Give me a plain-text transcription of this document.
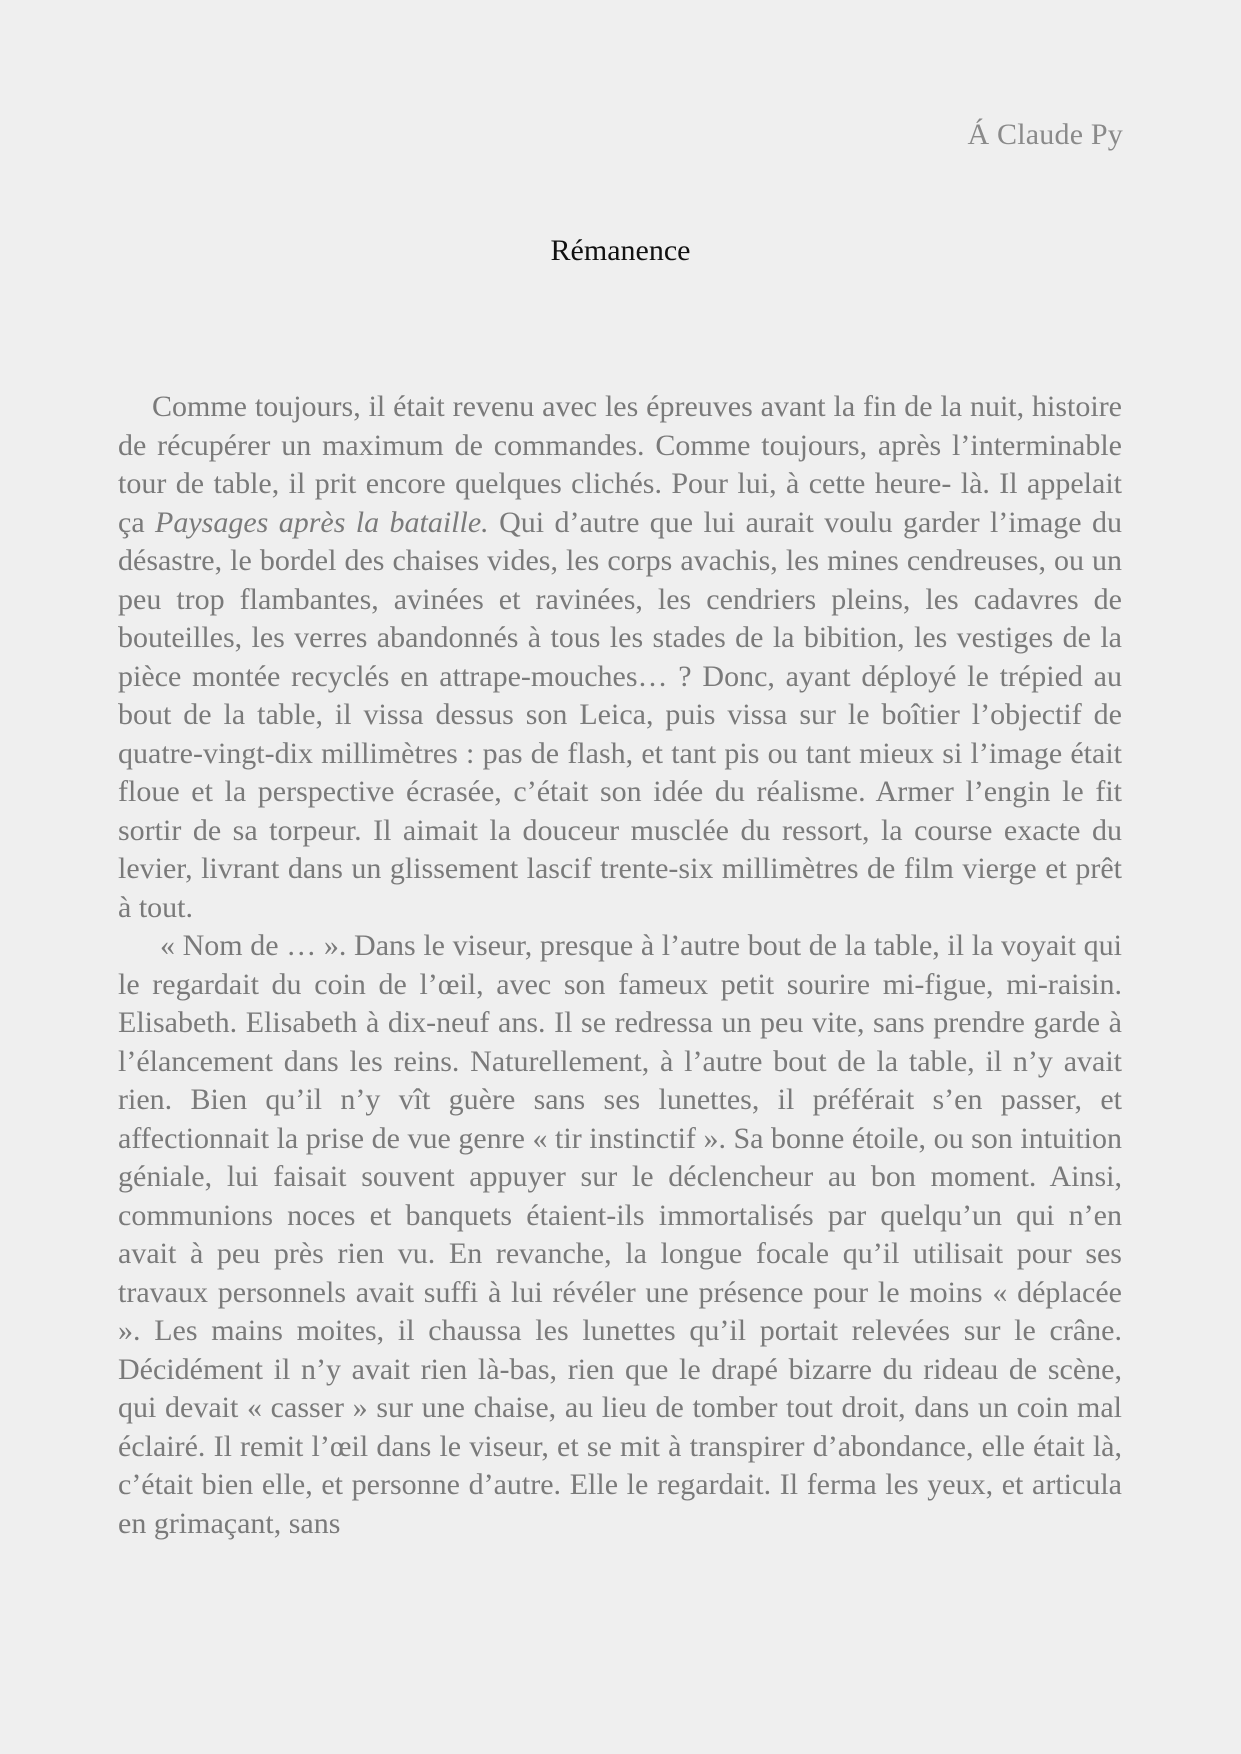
Á Claude Py
Rémanence

Comme toujours, il était revenu avec les épreuves avant la fin de la nuit, histoire de récupérer un maximum de commandes. Comme toujours, après l’interminable tour de table, il prit encore quelques clichés. Pour lui, à cette heure- là. Il appelait ça Paysages après la bataille. Qui d’autre que lui aurait voulu garder l’image du désastre, le bordel des chaises vides, les corps avachis, les mines cendreuses, ou un peu trop flambantes, avinées et ravinées, les cendriers pleins, les cadavres de bouteilles, les verres abandonnés à tous les stades de la bibition, les vestiges de la pièce montée recyclés en attrape-mouches… ? Donc, ayant déployé le trépied au bout de la table, il vissa dessus son Leica, puis vissa sur le boîtier l’objectif de quatre-vingt-dix millimètres : pas de flash, et tant pis ou tant mieux si l’image était floue et la perspective écrasée, c’était son idée du réalisme. Armer l’engin le fit sortir de sa torpeur. Il aimait la douceur musclée du ressort, la course exacte du levier, livrant dans un glissement lascif trente-six millimètres de film vierge et prêt à tout.

« Nom de … ». Dans le viseur, presque à l’autre bout de la table, il la voyait qui le regardait du coin de l’œil, avec son fameux petit sourire mi-figue, mi-raisin. Elisabeth. Elisabeth à dix-neuf ans. Il se redressa un peu vite, sans prendre garde à l’élancement dans les reins. Naturellement, à l’autre bout de la table, il n’y avait rien. Bien qu’il n’y vît guère sans ses lunettes, il préférait s’en passer, et affectionnait la prise de vue genre « tir instinctif ». Sa bonne étoile, ou son intuition géniale, lui faisait souvent appuyer sur le déclencheur au bon moment. Ainsi, communions noces et banquets étaient-ils immortalisés par quelqu’un qui n’en avait à peu près rien vu. En revanche, la longue focale qu’il utilisait pour ses travaux personnels avait suffi à lui révéler une présence pour le moins « déplacée ». Les mains moites, il chaussa les lunettes qu’il portait relevées sur le crâne. Décidément il n’y avait rien là-bas, rien que le drapé bizarre du rideau de scène, qui devait « casser » sur une chaise, au lieu de tomber tout droit, dans un coin mal éclairé. Il remit l’œil dans le viseur, et se mit à transpirer d’abondance, elle était là, c’était bien elle, et personne d’autre. Elle le regardait. Il ferma les yeux, et articula en grimaçant, sans
